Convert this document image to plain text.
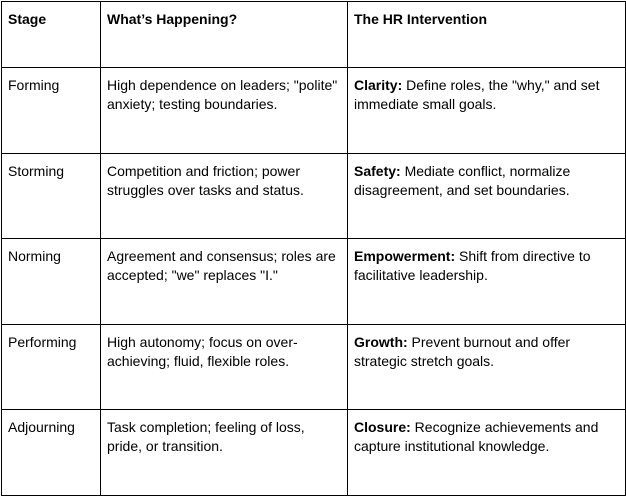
Stage	What’s Happening?	The HR Intervention
Forming	High dependence on leaders; "polite" anxiety; testing boundaries.	Clarity: Define roles, the "why," and set immediate small goals.
Storming	Competition and friction; power struggles over tasks and status.	Safety: Mediate conflict, normalize disagreement, and set boundaries.
Norming	Agreement and consensus; roles are accepted; "we" replaces "I."	Empowerment: Shift from directive to facilitative leadership.
Performing	High autonomy; focus on over-achieving; fluid, flexible roles.	Growth: Prevent burnout and offer strategic stretch goals.
Adjourning	Task completion; feeling of loss, pride, or transition.	Closure: Recognize achievements and capture institutional knowledge.
